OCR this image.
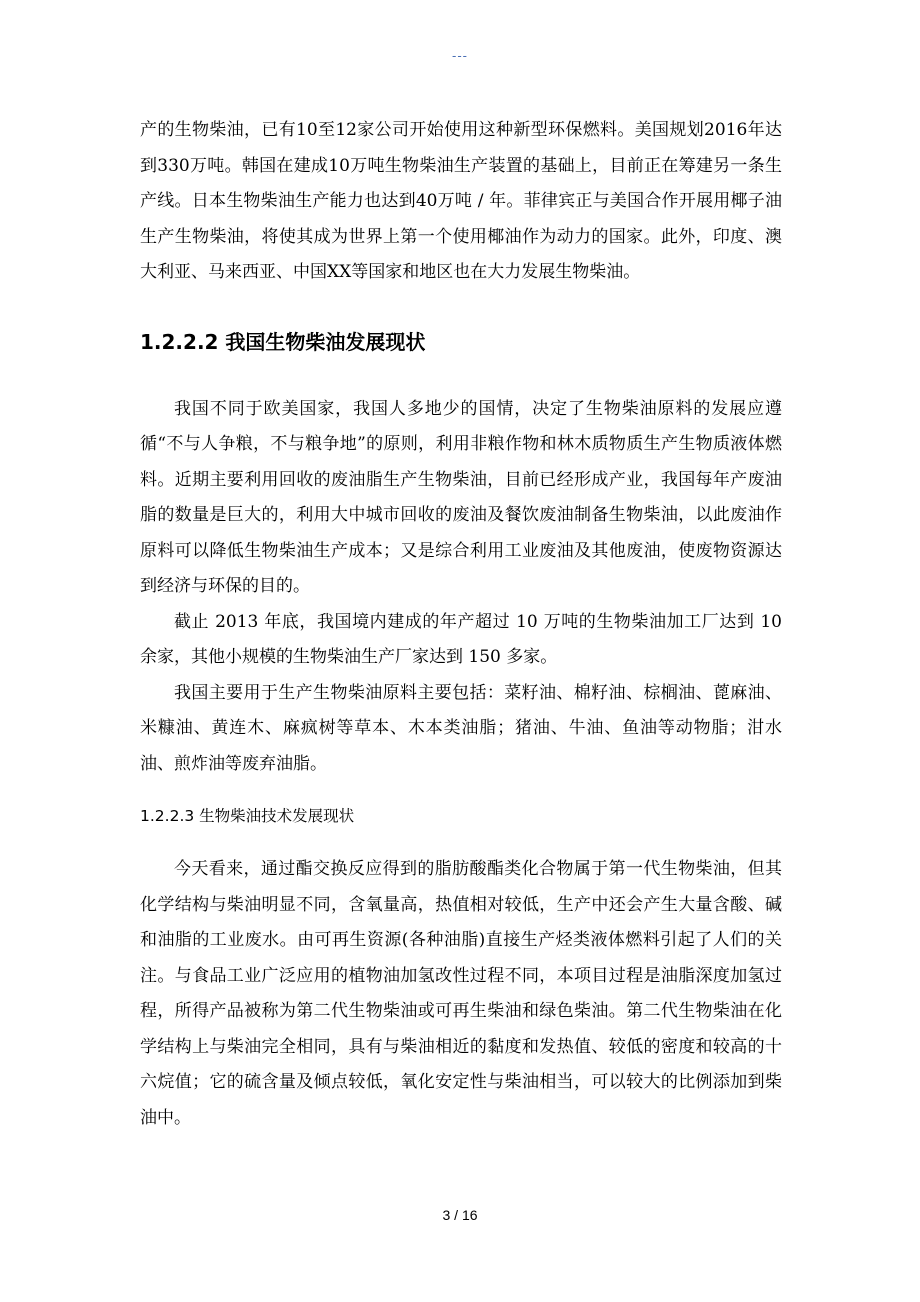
---

产的生物柴油，已有10至12家公司开始使用这种新型环保燃料。美国规划2016年达到330万吨。韩国在建成10万吨生物柴油生产装置的基础上，目前正在筹建另一条生产线。日本生物柴油生产能力也达到40万吨 / 年。菲律宾正与美国合作开展用椰子油生产生物柴油，将使其成为世界上第一个使用椰油作为动力的国家。此外，印度、澳大利亚、马来西亚、中国XX等国家和地区也在大力发展生物柴油。

1.2.2.2 我国生物柴油发展现状

我国不同于欧美国家，我国人多地少的国情，决定了生物柴油原料的发展应遵循“不与人争粮，不与粮争地”的原则，利用非粮作物和林木质物质生产生物质液体燃料。近期主要利用回收的废油脂生产生物柴油，目前已经形成产业，我国每年产废油脂的数量是巨大的，利用大中城市回收的废油及餐饮废油制备生物柴油，以此废油作原料可以降低生物柴油生产成本；又是综合利用工业废油及其他废油，使废物资源达到经济与环保的目的。

截止 2013 年底，我国境内建成的年产超过 10 万吨的生物柴油加工厂达到 10 余家，其他小规模的生物柴油生产厂家达到 150 多家。

我国主要用于生产生物柴油原料主要包括：菜籽油、棉籽油、棕榈油、蓖麻油、米糠油、黄连木、麻疯树等草本、木本类油脂；猪油、牛油、鱼油等动物脂；泔水油、煎炸油等废弃油脂。

1.2.2.3 生物柴油技术发展现状

今天看来，通过酯交换反应得到的脂肪酸酯类化合物属于第一代生物柴油，但其化学结构与柴油明显不同，含氧量高，热值相对较低，生产中还会产生大量含酸、碱和油脂的工业废水。由可再生资源(各种油脂)直接生产烃类液体燃料引起了人们的关注。与食品工业广泛应用的植物油加氢改性过程不同，本项目过程是油脂深度加氢过程，所得产品被称为第二代生物柴油或可再生柴油和绿色柴油。第二代生物柴油在化学结构上与柴油完全相同，具有与柴油相近的黏度和发热值、较低的密度和较高的十六烷值；它的硫含量及倾点较低，氧化安定性与柴油相当，可以较大的比例添加到柴油中。

3 / 16
